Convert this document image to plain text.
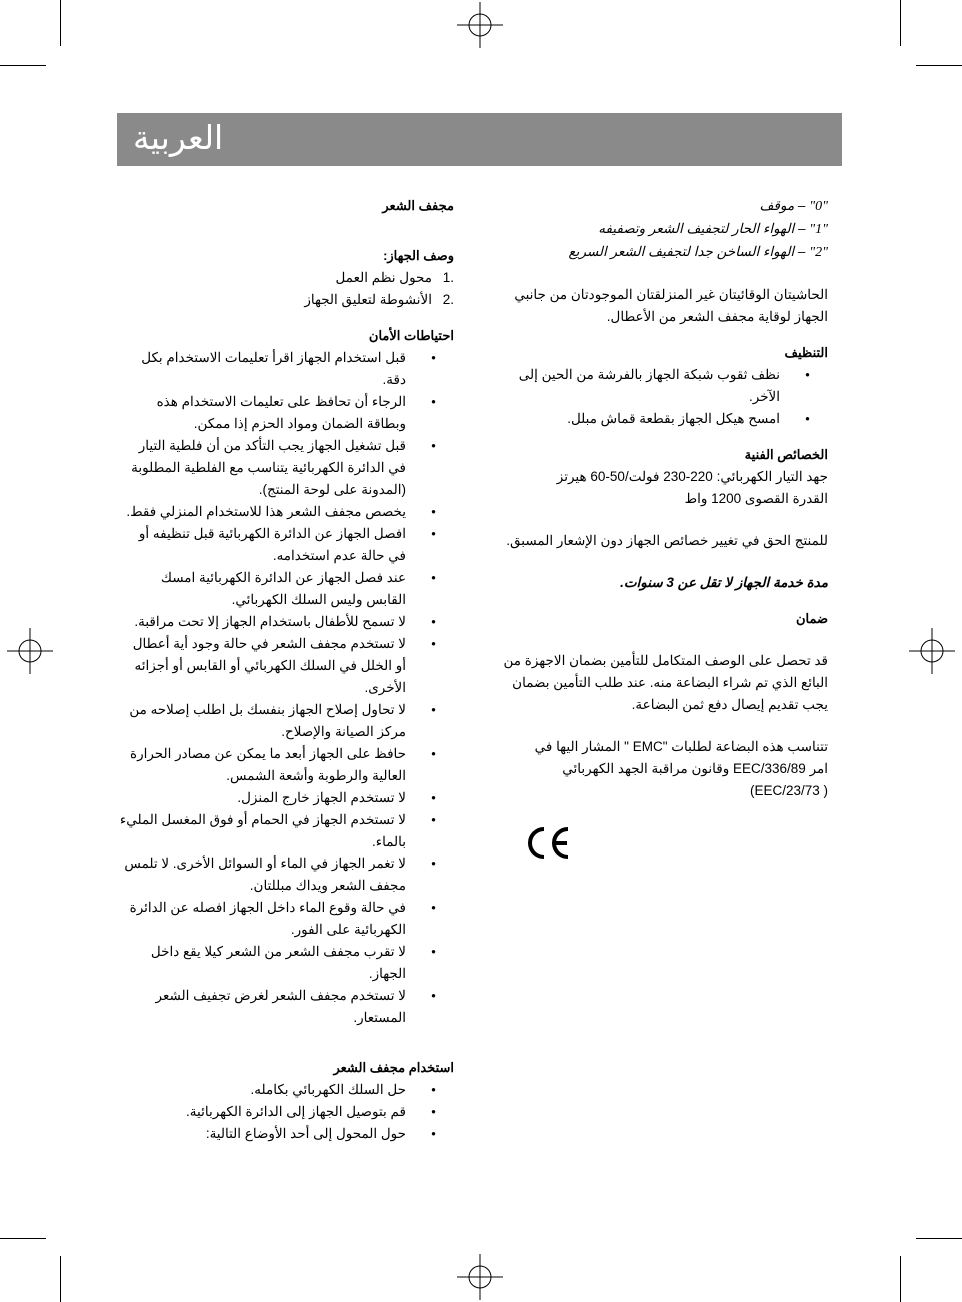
العربية

مجفف الشعر

وصف الجهاز:

1.
محول نظم العمل
2.
الأنشوطة لتعليق الجهاز

احتياطات الأمان

● قبل استخدام الجهاز اقرأ تعليمات الاستخدام بكل دقة.
● الرجاء أن تحافظ على تعليمات الاستخدام هذه وبطاقة الضمان ومواد الحزم إذا ممكن.
● قبل تشغيل الجهاز يجب التأكد من أن فلطية التيار في الدائرة الكهربائية يتناسب مع الفلطية المطلوبة (المدونة على لوحة المنتج).
● يخصص مجفف الشعر هذا للاستخدام المنزلي فقط.
● افصل الجهاز عن الدائرة الكهربائية قبل تنظيفه أو في حالة عدم استخدامه.
● عند فصل الجهاز عن الدائرة الكهربائية امسك القابس وليس السلك الكهربائي.
● لا تسمح للأطفال باستخدام الجهاز إلا تحت مراقبة.
● لا تستخدم مجفف الشعر في حالة وجود أية أعطال أو الخلل في السلك الكهربائي أو القابس أو أجزائه الأخرى.
● لا تحاول إصلاح الجهاز بنفسك بل اطلب إصلاحه من مركز الصيانة والإصلاح.
● حافظ على الجهاز أبعد ما يمكن عن مصادر الحرارة العالية والرطوبة وأشعة الشمس.
● لا تستخدم الجهاز خارج المنزل.
● لا تستخدم الجهاز في الحمام أو فوق المغسل المليء بالماء.
● لا تغمر الجهاز في الماء أو السوائل الأخرى. لا تلمس مجفف الشعر ويداك مبللتان.
● في حالة وقوع الماء داخل الجهاز افصله عن الدائرة الكهربائية على الفور.
● لا تقرب مجفف الشعر من الشعر كيلا يقع داخل الجهاز.
● لا تستخدم مجفف الشعر لغرض تجفيف الشعر المستعار.

استخدام مجفف الشعر

● حل السلك الكهربائي بكامله.
● قم بتوصيل الجهاز إلى الدائرة الكهربائية.
● حول المحول إلى أحد الأوضاع التالية:
"0" – موقف
"1" – الهواء الحار لتجفيف الشعر وتصفيفه
"2" – الهواء الساخن جدا لتجفيف الشعر السريع

الحاشيتان الوقائيتان غير المنزلقتان الموجودتان من جانبي الجهاز لوقاية مجفف الشعر من الأعطال.

التنظيف

● نظف ثقوب شبكة الجهاز بالفرشة من الحين إلى الآخر.
● امسح هيكل الجهاز بقطعة قماش مبلل.

الخصائص الفنية

جهد التيار الكهربائي: 220-230 فولت/50-60 هيرتز

القدرة القصوى 1200 واط

للمنتج الحق في تغيير خصائص الجهاز دون الإشعار المسبق.

مدة خدمة الجهاز لا تقل عن 3 سنوات.

ضمان

قد تحصل على الوصف المتكامل للتأمين بضمان الاجهزة من البائع الذي تم شراء البضاعة منه. عند طلب التأمين بضمان يجب تقديم إيصال دفع ثمن البضاعة.

تتناسب هذه البضاعة لطلبات "EMC " المشار اليها في

امر EEC/336/89 وقانون مراقبة الجهد الكهربائي

( EEC/23/73)
